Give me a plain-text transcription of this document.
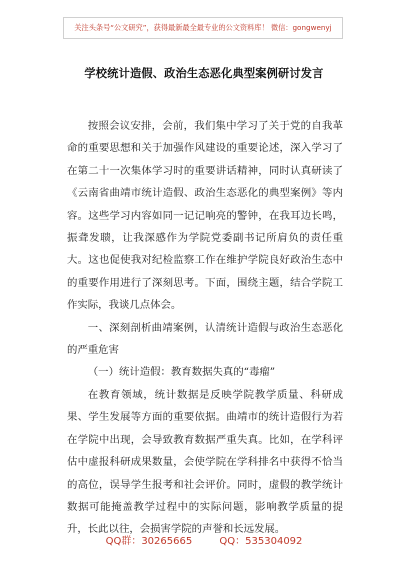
关注头条号“公文研究”，获得最新最全最专业的公文资料库！ 微信：gongwenyj
学校统计造假、政治生态恶化典型案例研讨发言

按照会议安排，会前，我们集中学习了关于党的自我革命的重要思想和关于加强作风建设的重要论述，深入学习了在第二十一次集体学习时的重要讲话精神，同时认真研读了《云南省曲靖市统计造假、政治生态恶化的典型案例》等内容。这些学习内容如同一记记响亮的警钟，在我耳边长鸣，振聋发聩，让我深感作为学院党委副书记所肩负的责任重大。这也促使我对纪检监察工作在维护学院良好政治生态中的重要作用进行了深刻思考。下面，围绕主题，结合学院工作实际，我谈几点体会。

一、深刻剖析曲靖案例，认清统计造假与政治生态恶化的严重危害

（一）统计造假：教育数据失真的“毒瘤”

在教育领域，统计数据是反映学院教学质量、科研成果、学生发展等方面的重要依据。曲靖市的统计造假行为若在学院中出现，会导致教育数据严重失真。比如，在学科评估中虚报科研成果数量，会使学院在学科排名中获得不恰当的高位，误导学生报考和社会评价。同时，虚假的教学统计数据可能掩盖教学过程中的实际问题，影响教学质量的提升，长此以往，会损害学院的声誉和长远发展。

QQ群：30265665	QQ：535304092
